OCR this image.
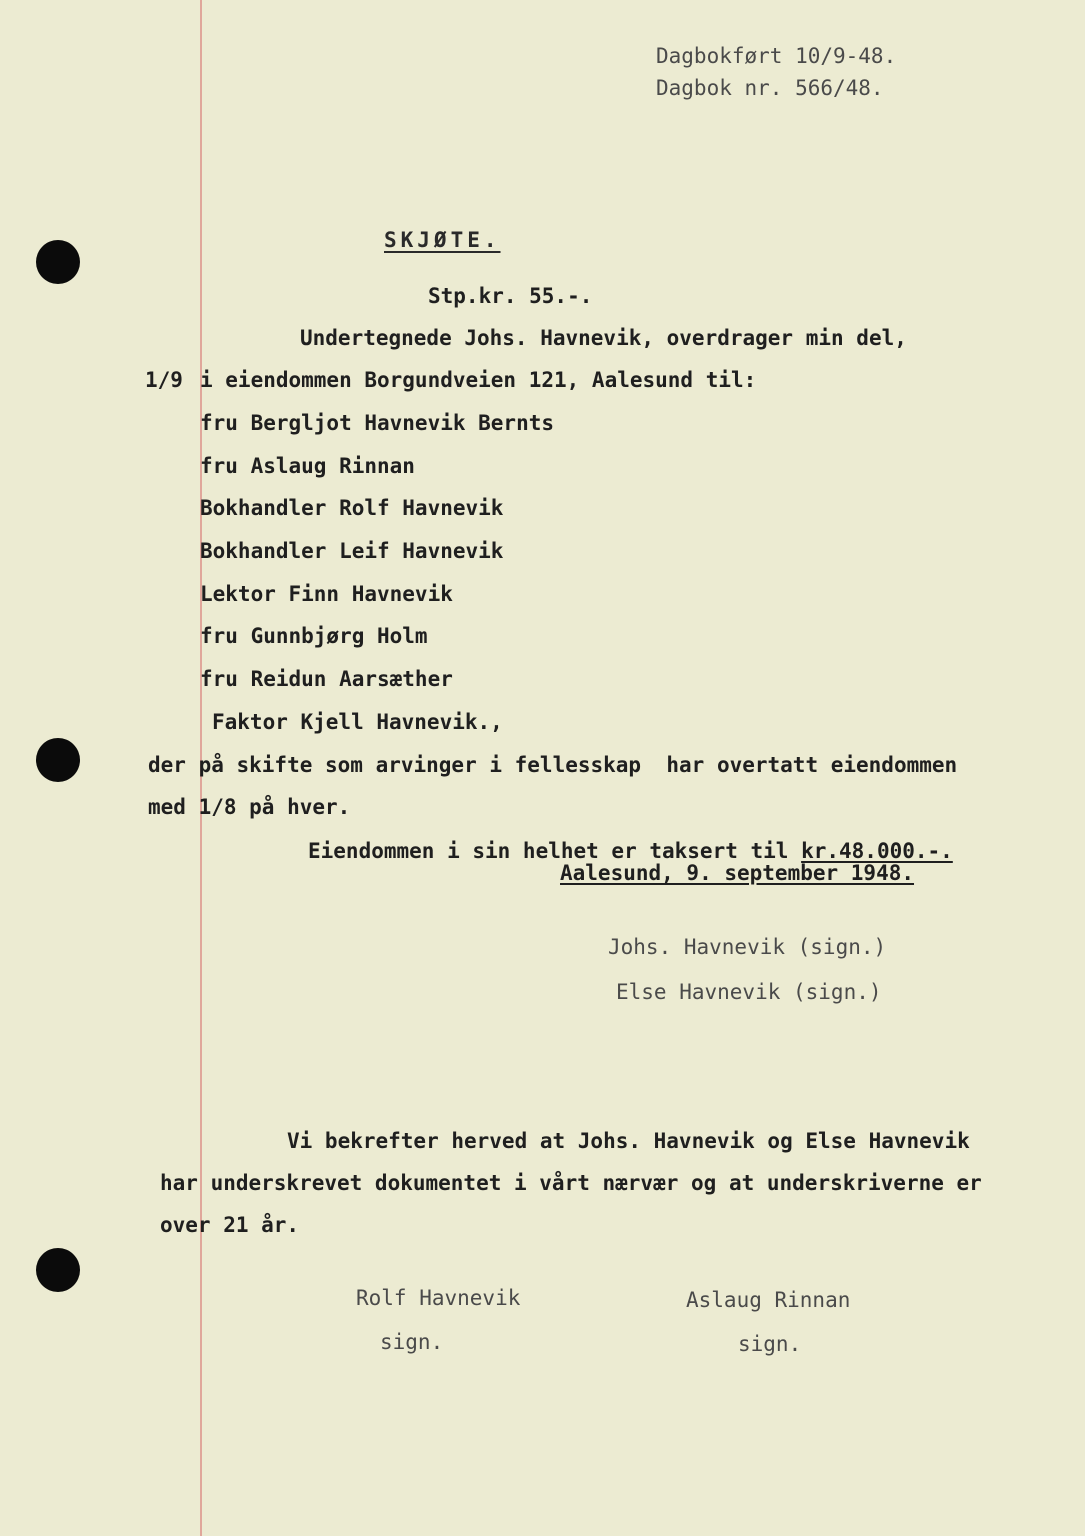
Dagbokført 10/9-48.

Dagbok nr. 566/48.

SKJØTE.

Stp.kr. 55.-.

Undertegnede Johs. Havnevik, overdrager min del,

1/9 i eiendommen Borgundveien 121, Aalesund til:

fru Bergljot Havnevik Bernts

fru Aslaug Rinnan

Bokhandler Rolf Havnevik

Bokhandler Leif Havnevik

Lektor Finn Havnevik

fru Gunnbjørg Holm

fru Reidun Aarsæther

Faktor Kjell Havnevik.,

der på skifte som arvinger i fellesskap  har overtatt eiendommen

med 1/8 på hver.

Eiendommen i sin helhet er taksert til kr.48.000.-.

Aalesund, 9. september 1948.

Johs. Havnevik (sign.)

Else Havnevik (sign.)

Vi bekrefter herved at Johs. Havnevik og Else Havnevik

har underskrevet dokumentet i vårt nærvær og at underskriverne er

over 21 år.

Rolf Havnevik

sign.

Aslaug Rinnan

sign.
